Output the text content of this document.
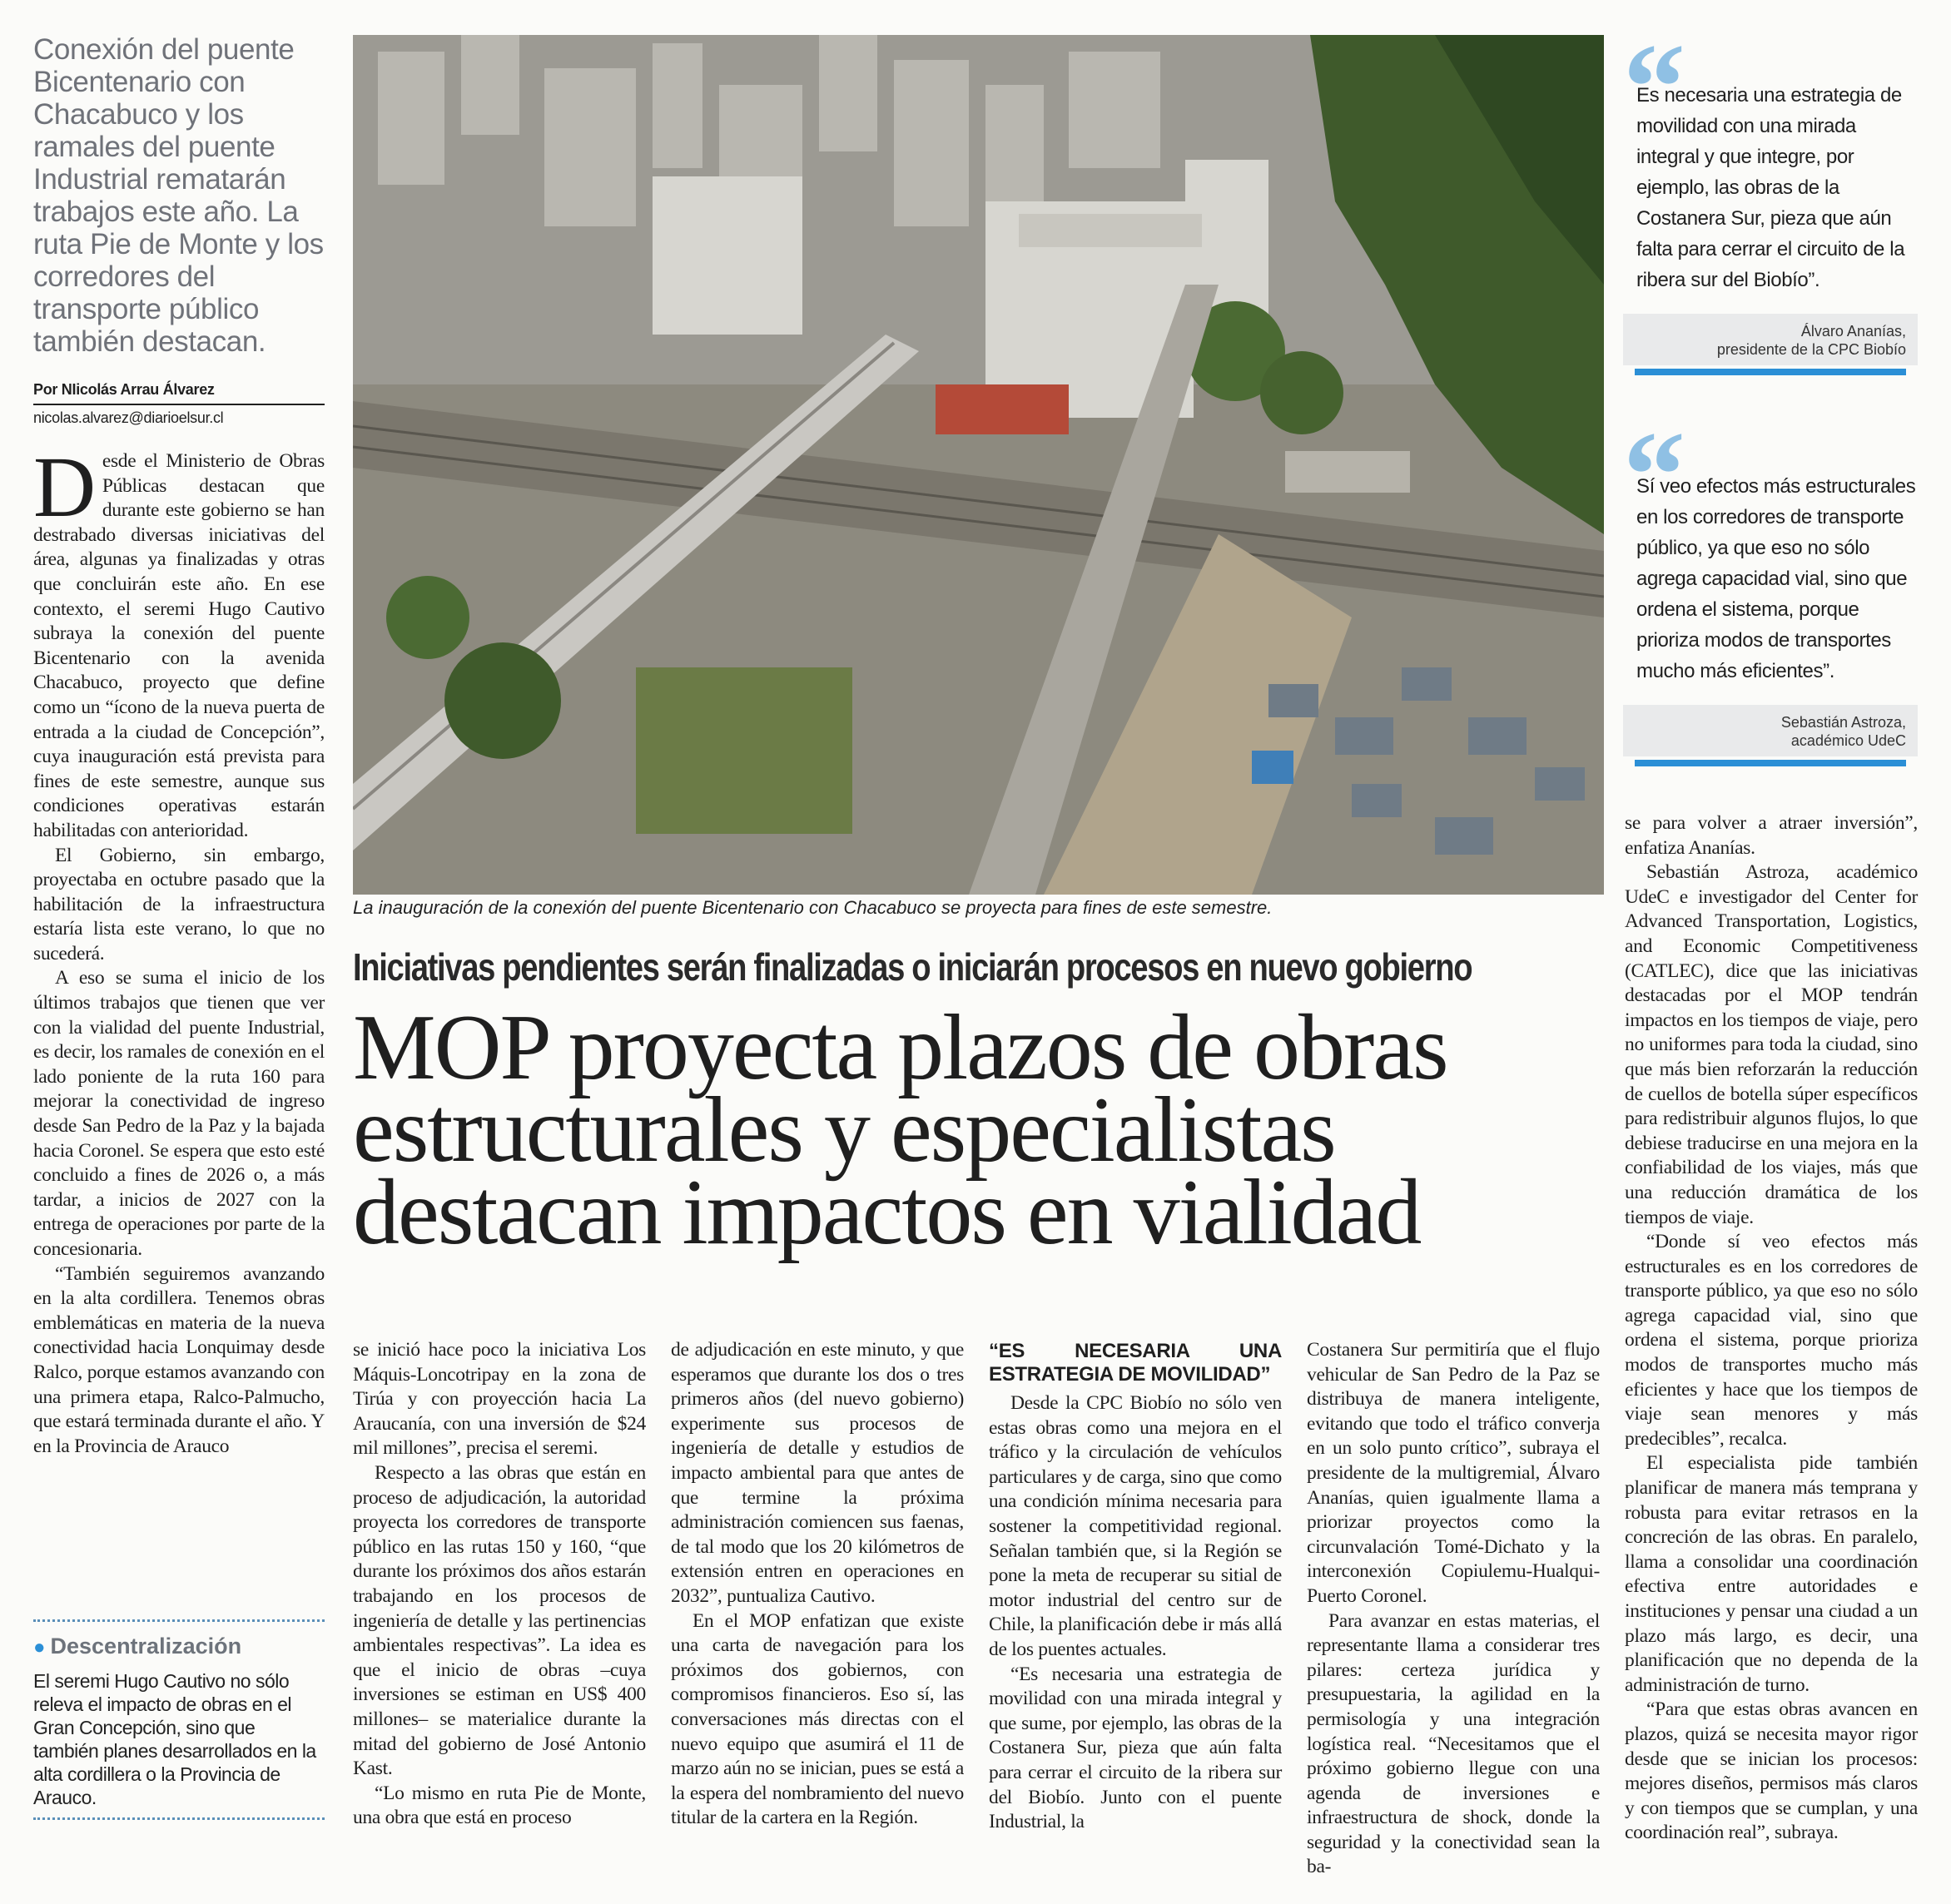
Conexión del puente Bicentenario con Chacabuco y los ramales del puente Industrial rematarán trabajos este año. La ruta Pie de Monte y los corredores del transporte público también destacan.
Por NIicolás Arrau Álvarez
nicolas.alvarez@diarioelsur.cl

Desde el Ministerio de Obras Públicas destacan que durante este gobierno se han destrabado diversas iniciativas del área, algunas ya finalizadas y otras que concluirán este año. En ese contexto, el seremi Hugo Cautivo subraya la conexión del puente Bicentenario con la avenida Chacabuco, proyecto que define como un “ícono de la nueva puerta de entrada a la ciudad de Concepción”, cuya inauguración está prevista para fines de este semestre, aunque sus condiciones operativas estarán habilitadas con anterioridad.

El Gobierno, sin embargo, proyectaba en octubre pasado que la habilitación de la infraestructura estaría lista este verano, lo que no sucederá.

A eso se suma el inicio de los últimos trabajos que tienen que ver con la vialidad del puente Industrial, es decir, los ramales de conexión en el lado poniente de la ruta 160 para mejorar la conectividad de ingreso desde San Pedro de la Paz y la bajada hacia Coronel. Se espera que esto esté concluido a fines de 2026 o, a más tardar, a inicios de 2027 con la entrega de operaciones por parte de la concesionaria.

“También seguiremos avanzando en la alta cordillera. Tenemos obras emblemáticas en materia de la nueva conectividad hacia Lonquimay desde Ralco, porque estamos avanzando con una primera etapa, Ralco-Palmucho, que estará terminada durante el año. Y en la Provincia de Arauco

● Descentralización
El seremi Hugo Cautivo no sólo releva el impacto de obras en el Gran Concepción, sino que también planes desarrollados en la alta cordillera o la Provincia de Arauco.
La inauguración de la conexión del puente Bicentenario con Chacabuco se proyecta para fines de este semestre.
Iniciativas pendientes serán finalizadas o iniciarán procesos en nuevo gobierno
MOP proyecta plazos de obras estructurales y especialistas destacan impactos en vialidad

se inició hace poco la iniciativa Los Máquis-Loncotripay en la zona de Tirúa y con proyección hacia La Araucanía, con una inversión de $24 mil millones”, precisa el seremi.

Respecto a las obras que están en proceso de adjudicación, la autoridad proyecta los corredores de transporte público en las rutas 150 y 160, “que durante los próximos dos años estarán trabajando en los procesos de ingeniería de detalle y las pertinencias ambientales respectivas”. La idea es que el inicio de obras –cuya inversiones se estiman en US$ 400 millones– se materialice durante la mitad del gobierno de José Antonio Kast.

“Lo mismo en ruta Pie de Monte, una obra que está en proceso

de adjudicación en este minuto, y que esperamos que durante los dos o tres primeros años (del nuevo gobierno) experimente sus procesos de ingeniería de detalle y estudios de impacto ambiental para que antes de que termine la próxima administración comiencen sus faenas, de tal modo que los 20 kilómetros de extensión entren en operaciones en 2032”, puntualiza Cautivo.

En el MOP enfatizan que existe una carta de navegación para los próximos dos gobiernos, con compromisos financieros. Eso sí, las conversaciones más directas con el nuevo equipo que asumirá el 11 de marzo aún no se inician, pues se está a la espera del nombramiento del nuevo titular de la cartera en la Región.

“ES NECESARIA UNA ESTRATEGIA DE MOVILIDAD”

Desde la CPC Biobío no sólo ven estas obras como una mejora en el tráfico y la circulación de vehículos particulares y de carga, sino que como una condición mínima necesaria para sostener la competitividad regional. Señalan también que, si la Región se pone la meta de recuperar su sitial de motor industrial del centro sur de Chile, la planificación debe ir más allá de los puentes actuales.

“Es necesaria una estrategia de movilidad con una mirada integral y que sume, por ejemplo, las obras de la Costanera Sur, pieza que aún falta para cerrar el circuito de la ribera sur del Biobío. Junto con el puente Industrial, la

Costanera Sur permitiría que el flujo vehicular de San Pedro de la Paz se distribuya de manera inteligente, evitando que todo el tráfico converja en un solo punto crítico”, subraya el presidente de la multigremial, Álvaro Ananías, quien igualmente llama a priorizar proyectos como la circunvalación Tomé-Dichato y la interconexión Copiulemu-Hualqui-Puerto Coronel.

Para avanzar en estas materias, el representante llama a considerar tres pilares: certeza jurídica y presupuestaria, la agilidad en la permisología y una integración logística real. “Necesitamos que el próximo gobierno llegue con una agenda de inversiones e infraestructura de shock, donde la seguridad y la conectividad sean la ba-

se para volver a atraer inversión”, enfatiza Ananías.

Sebastián Astroza, académico UdeC e investigador del Center for Advanced Transportation, Logistics, and Economic Competitiveness (CATLEC), dice que las iniciativas destacadas por el MOP tendrán impactos en los tiempos de viaje, pero no uniformes para toda la ciudad, sino que más bien reforzarán la reducción de cuellos de botella súper específicos para redistribuir algunos flujos, lo que debiese traducirse en una mejora en la confiabilidad de los viajes, más que una reducción dramática de los tiempos de viaje.

“Donde sí veo efectos más estructurales es en los corredores de transporte público, ya que eso no sólo agrega capacidad vial, sino que ordena el sistema, porque prioriza modos de transportes mucho más eficientes y hace que los tiempos de viaje sean menores y más predecibles”, recalca.

El especialista pide también planificar de manera más temprana y robusta para evitar retrasos en la concreción de las obras. En paralelo, llama a consolidar una coordinación efectiva entre autoridades e instituciones y pensar una ciudad a un plazo más largo, es decir, una planificación que no dependa de la administración de turno.

“Para que estas obras avancen en plazos, quizá se necesita mayor rigor desde que se inician los procesos: mejores diseños, permisos más claros y con tiempos que se cumplan, y una coordinación real”, subraya.

“
Es necesaria una estrategia de movilidad con una mirada integral y que integre, por ejemplo, las obras de la Costanera Sur, pieza que aún falta para cerrar el circuito de la ribera sur del Biobío”.
Álvaro Ananías,
presidente de la CPC Biobío
“
Sí veo efectos más estructurales en los corredores de transporte público, ya que eso no sólo agrega capacidad vial, sino que ordena el sistema, porque prioriza modos de transportes mucho más eficientes”.
Sebastián Astroza,
académico UdeC
